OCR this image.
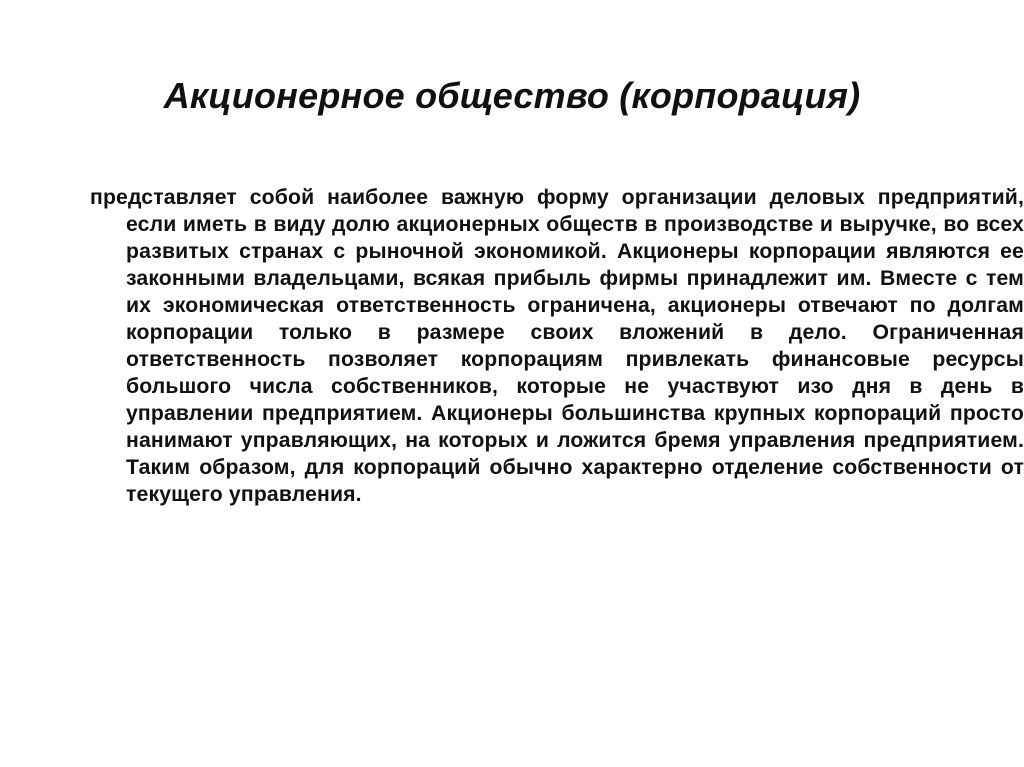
Акционерное общество (корпорация)

представляет собой наиболее важную форму организации деловых предприятий, если иметь в виду долю акционерных обществ в производстве и выручке, во всех развитых странах с рыночной экономикой. Акционеры корпорации являются ее законными владельцами, всякая прибыль фирмы принадлежит им. Вместе с тем их экономическая ответственность ограничена, акционеры отвечают по долгам корпорации только в размере своих вложений в дело. Ограниченная ответственность позволяет корпорациям привлекать финансовые ресурсы большого числа собственников, которые не участвуют изо дня в день в управлении предприятием. Акционеры большинства крупных корпораций просто нанимают управляющих, на которых и ложится бремя управления предприятием. Таким образом, для корпораций обычно характерно отделение собственности от текущего управления.
